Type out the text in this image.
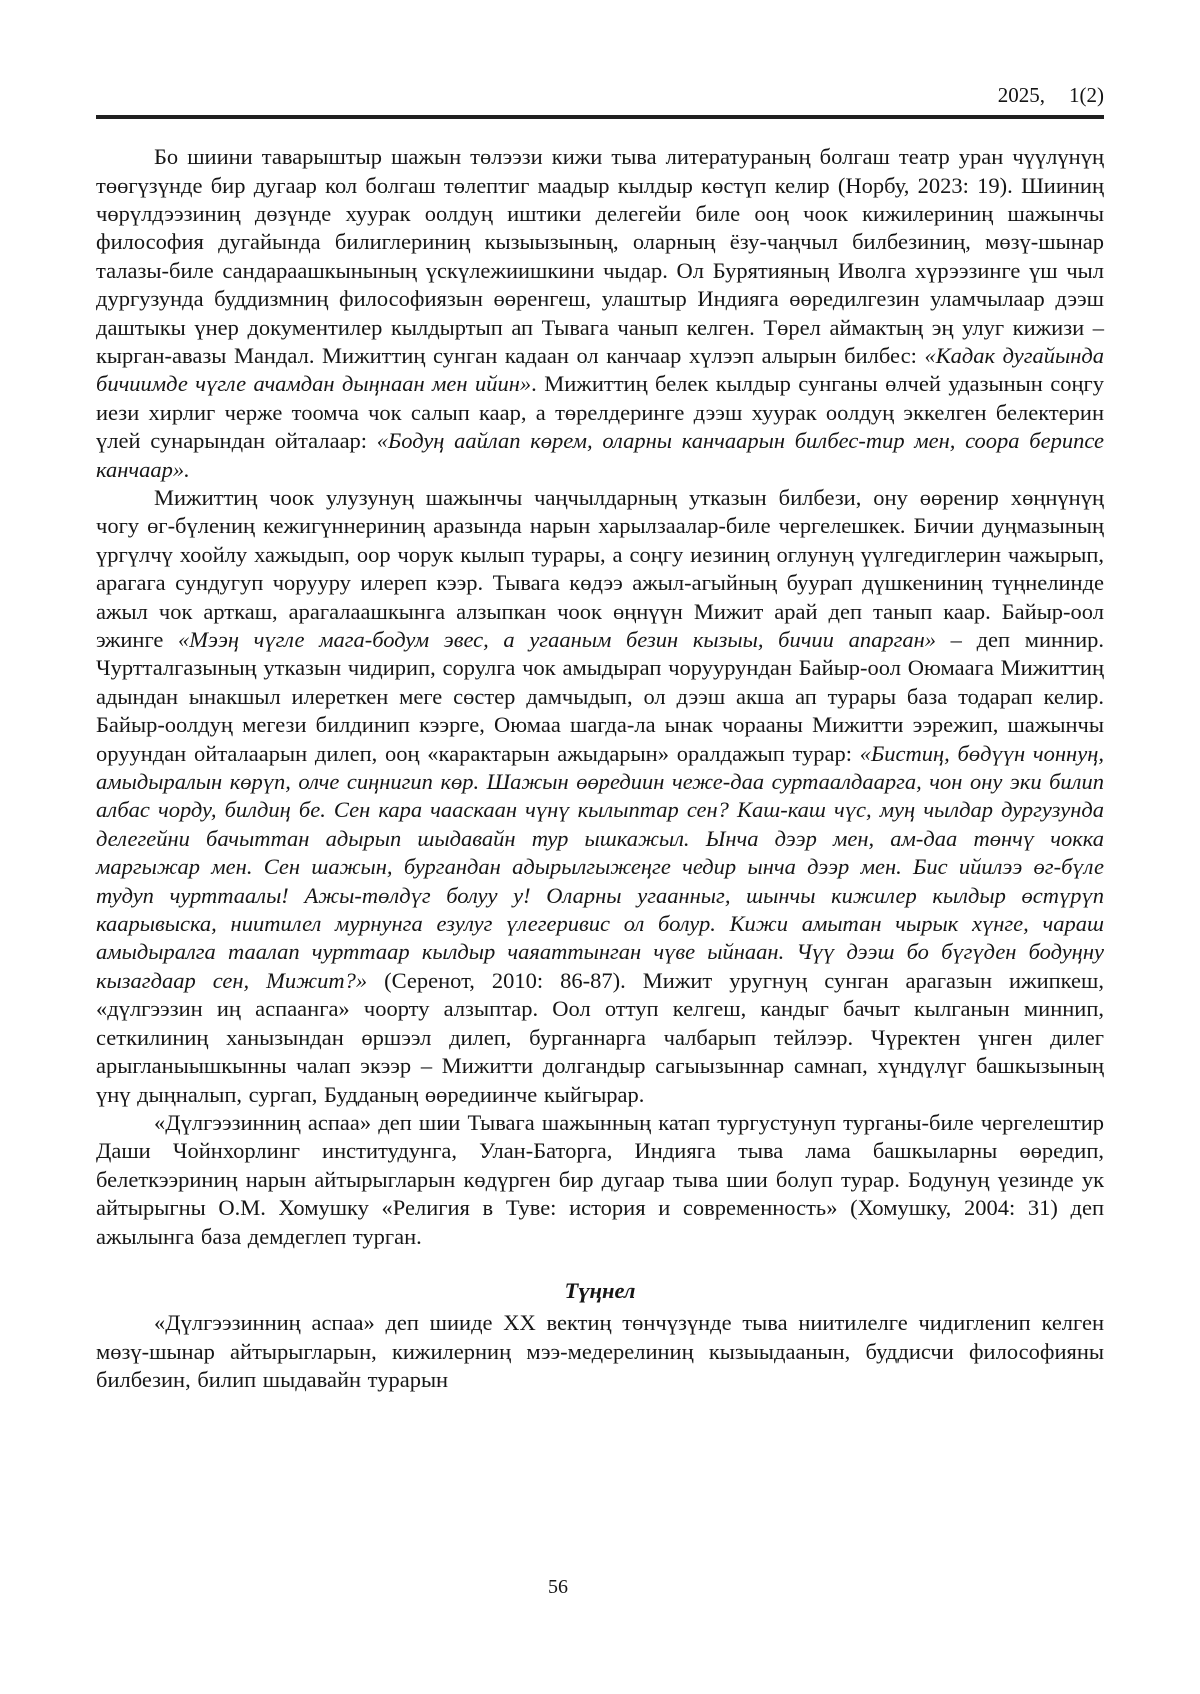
2025, 1(2)

Бо шиини таварыштыр шажын төлээзи кижи тыва литератураның болгаш театр уран чүүлүнүң төөгүзүнде бир дугаар кол болгаш төлептиг маадыр кылдыр көстүп келир (Норбу, 2023: 19). Шииниң чөрүлдээзиниң дөзүнде хуурак оолдуң иштики делегейи биле ооң чоок кижилериниң шажынчы философия дугайында билиглериниң кызыызының, оларның ёзу-чаңчыл билбезиниң, мөзү-шынар талазы-биле сандараашкынының үскүлежиишкини чыдар. Ол Бурятияның Иволга хүрээзинге үш чыл дургузунда буддизмниң философиязын өөренгеш, улаштыр Индияга өөредилгезин уламчылаар дээш даштыкы үнер документилер кылдыртып ап Тывага чанып келген. Төрел аймактың эң улуг кижизи – кырган-авазы Мандал. Мижиттиң сунган кадаан ол канчаар хүлээп алырын билбес: «Кадак дугайында бичиимде чүгле ачамдан дыңнаан мен ийин». Мижиттиң белек кылдыр сунганы өлчей удазынын соңгу иези хирлиг черже тоомча чок салып каар, а төрелдеринге дээш хуурак оолдуң эккелген белектерин үлей сунарындан ойталаар: «Бодуң аайлап көрем, оларны канчаарын билбес-тир мен, соора берипсе канчаар».

Мижиттиң чоок улузунуң шажынчы чаңчылдарның утказын билбези, ону өөренир хөңнүнүң чогу өг-бүлениң кежигүннериниң аразында нарын харылзаалар-биле чергелешкек. Бичии дуңмазының үргүлчү хоойлу хажыдып, оор чорук кылып турары, а соңгу иезиниң оглунуң үүлгедиглерин чажырып, арагага сундугуп чорууру илереп кээр. Тывага көдээ ажыл-агыйның буурап дүшкениниң түңнелинде ажыл чок арткаш, арагалаашкынга алзыпкан чоок өңнүүн Мижит арай деп танып каар. Байыр-оол эжинге «Мээң чүгле мага-бодум эвес, а угааным безин кызыы, бичии апарган» – деп миннир. Чуртталгазының утказын чидирип, сорулга чок амыдырап чоруурундан Байыр-оол Оюмаага Мижиттиң адындан ынакшыл илереткен меге сөстер дамчыдып, ол дээш акша ап турары база тодарап келир. Байыр-оолдуң мегези билдинип кээрге, Оюмаа шагда-ла ынак чорааны Мижитти ээрежип, шажынчы оруундан ойталаарын дилеп, ооң «карактарын ажыдарын» оралдажып турар: «Бистиң, бөдүүн чоннуң, амыдыралын көрүп, олче сиңнигип көр. Шажын өөредиин чеже-даа суртаалдаарга, чон ону эки билип албас чорду, билдиң бе. Сен кара чааскаан чүнү кылыптар сен? Каш-каш чүс, муң чылдар дургузунда делегейни бачыттан адырып шыдавайн тур ышкажыл. Ынча дээр мен, ам-даа төнчү чокка маргыжар мен. Сен шажын, бургандан адырылгыжеңге чедир ынча дээр мен. Бис ийилээ өг-бүле тудуп чурттаалы! Ажы-төлдүг болуу у! Оларны угаанныг, шынчы кижилер кылдыр өстүрүп каарывыска, ниитилел мурнунга езулуг үлегеривис ол болур. Кижи амытан чырык хүнге, чараш амыдыралга таалап чурттаар кылдыр чаяаттынган чүве ыйнаан. Чүү дээш бо бүгүден бодуңну кызагдаар сен, Мижит?» (Серенот, 2010: 86-87). Мижит уругнуң сунган арагазын ижипкеш, «дүлгээзин иң аспаанга» чоорту алзыптар. Оол оттуп келгеш, кандыг бачыт кылганын миннип, сеткилиниң ханызындан өршээл дилеп, бурганнарга чалбарып тейлээр. Чүректен үнген дилег арыгланыышкынны чалап экээр – Мижитти долгандыр сагыызыннар самнап, хүндүлүг башкызының үнү дыңналып, сургап, Будданың өөредиинче кыйгырар.

«Дүлгээзинниң аспаа» деп шии Тывага шажынның катап тургустунуп турганы-биле чергелештир Даши Чойнхорлинг институдунга, Улан-Баторга, Индияга тыва лама башкыларны өөредип, белеткээриниң нарын айтырыгларын көдүрген бир дугаар тыва шии болуп турар. Бодунуң үезинде ук айтырыгны О.М. Хомушку «Религия в Туве: история и современность» (Хомушку, 2004: 31) деп ажылынга база демдеглеп турган.

Түңнел

«Дүлгээзинниң аспаа» деп шииде ХХ вектиң төнчүзүнде тыва ниитилелге чидигленип келген мөзү-шынар айтырыгларын, кижилерниң мээ-медерелиниң кызыыдаанын, буддисчи философияны билбезин, билип шыдавайн турарын

56
